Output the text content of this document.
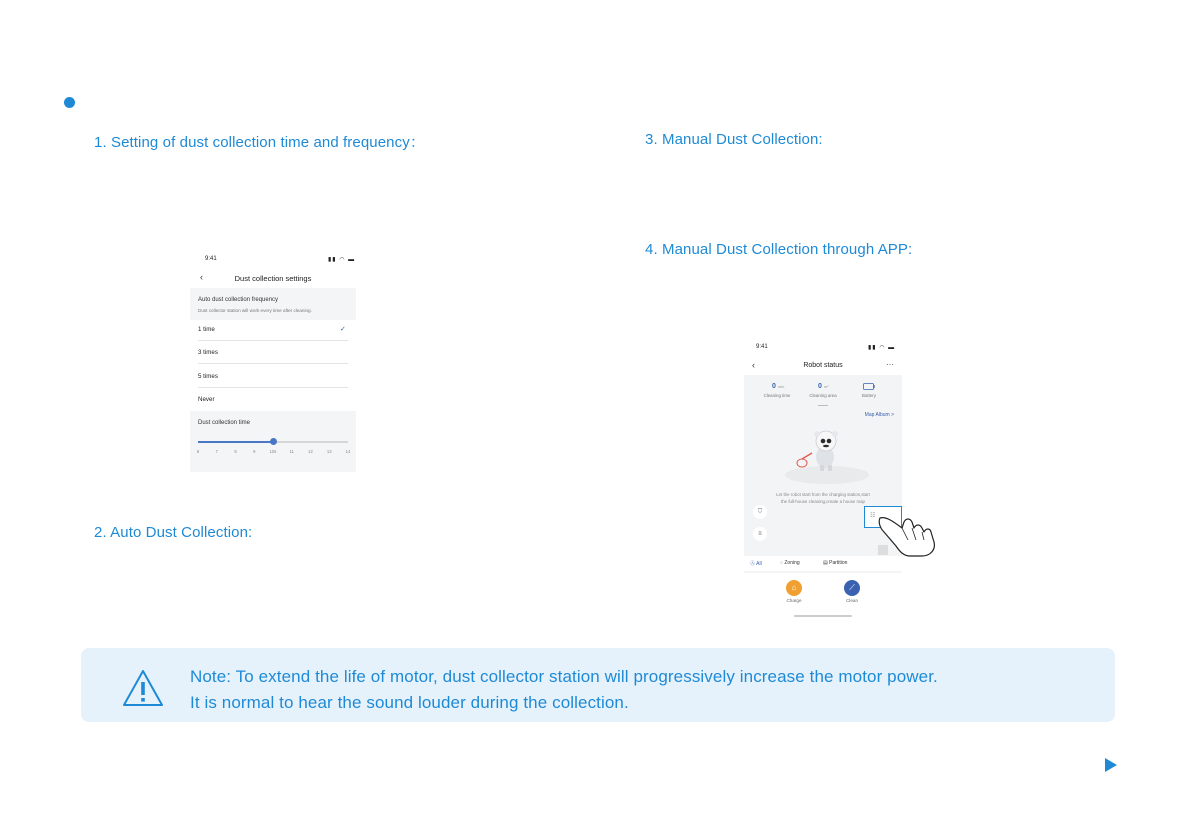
1. Setting of dust collection time and frequency：
2. Auto Dust Collection:
3. Manual Dust Collection:
4. Manual Dust Collection through APP:
9:41	▮▮ ◠ ▬
‹	Dust collection settings
Auto dust collection frequency
Dust collector station will work every time after cleaning.
1 time	✓
3 times
5 times
Never
Dust collection time
6	7	8	9	10s	11	12	13	14
9:41	▮▮ ◠ ▬
‹	Robot status	···
0 min
Cleaning time
0 m²
Cleaning area	Battery
Map Album >
Let the robot start from the charging station,start
the full-house cleaning,create a house map
⛉
≡
☷
Ⓐ All	◌ Zoning	▤ Partition
⌂
Charge
⟋
Clean
Note: To extend the life of motor, dust collector station will progressively increase the motor power.
It is normal to hear the sound louder during the collection.
